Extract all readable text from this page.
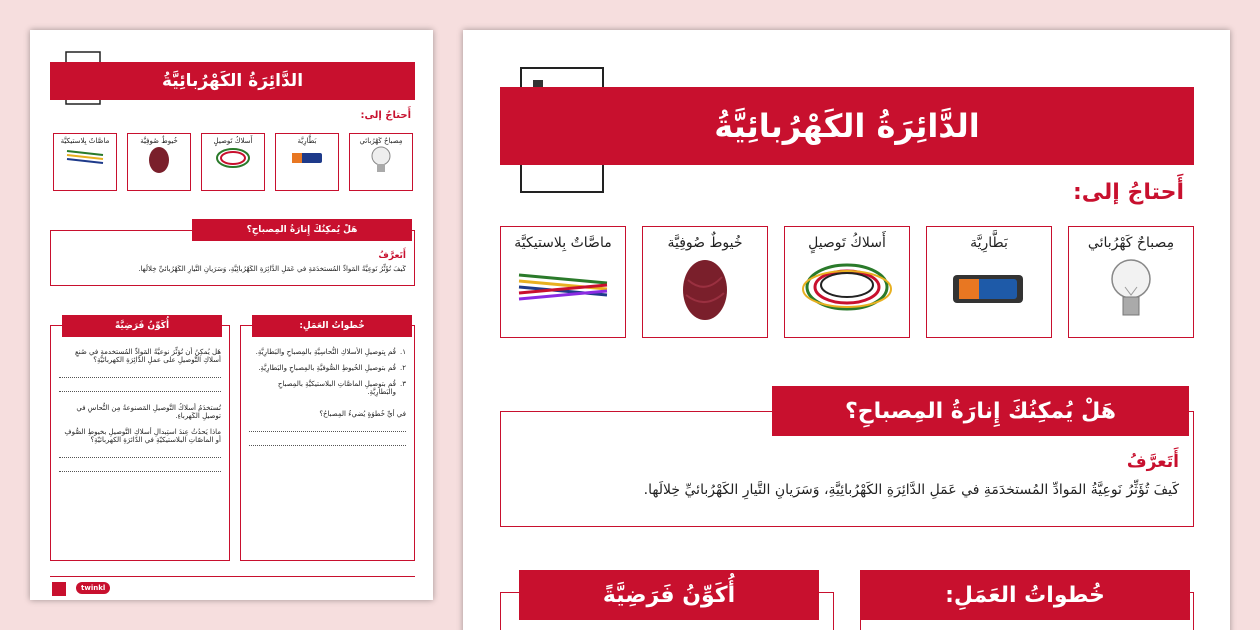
الدَّائِرَةُ الكَهْرُبائِيَّةُ
أَحتاجُ إلى:
مِصباحٌ كَهْرُبائي
بَطَّارِيَّة
أَسلاكُ تَوصيلٍ
خُيوطٌ صُوفِيَّة
ماصَّاتٌ بِلاستيكيَّة
أَتَعرَّفُ
كَيفَ تُؤَثِّرُ نَوعِيَّةُ المَوادِّ المُستخدَمَةِ في عَمَلِ الدَّائِرَةِ الكَهْرُبائِيَّةِ، وَسَرَيانِ التَّيارِ الكَهْرُبائيِّ خِلالَها.
هَلْ يُمكِنُكَ إِنارَةُ المِصباحِ؟
١.
قُم بِتوصيلِ الأسلاكِ النُّحاسِيَّةِ بالمِصباحِ والبَطارِيَّةِ.
٢.
قُم بتوصيلِ الخُيوطِ الصُّوفيَّةِ بالمِصباحِ والبَطارِيَّةِ.
٣.
قُم بتوصيلِ الماصَّاتِ البلاستيكيَّةِ بالمِصباحِ والبَطارِيَّةِ.
في أيِّ خُطوَةٍ يُضيءُ المِصباحُ؟
خُطواتُ العَمَلِ:
هَل يُمكِنُ أن تُؤثِّرَ نوعيَّةُ المَوادِّ المُستخدمةِ في صُنعِ أسلاكِ التَّوصيلِ على عملِ الدَّائِرَةِ الكهربائيَّةِ؟
تُستخدَمُ أسلاكُ التَّوصيلِ المَصنوعةُ مِن النُّحاسِ في توصيلِ الكَهرباءِ.
ماذا يَحدُثُ عِندَ استِبدالِ أسلاكِ التَّوصيلِ بخيوطِ الصُّوفِ أو الماصّاتِ البلاستيكيّةِ في الدّائرَةِ الكهربائيّةِ؟
أُكَوِّنُ فَرَضِيَّةً
twinkl
الدَّائِرَةُ الكَهْرُبائِيَّةُ
أَحتاجُ إلى:
مِصباحٌ كَهْرُبائي
بَطَّارِيَّة
أَسلاكُ تَوصيلٍ
خُيوطٌ صُوفِيَّة
ماصَّاتٌ بِلاستيكيَّة
أَتَعرَّفُ
كَيفَ تُؤَثِّرُ نَوعِيَّةُ المَوادِّ المُستخدَمَةِ في عَمَلِ الدَّائِرَةِ الكَهْرُبائِيَّةِ، وَسَرَيانِ التَّيارِ الكَهْرُبائيِّ خِلالَها.
هَلْ يُمكِنُكَ إِنارَةُ المِصباحِ؟
خُطواتُ العَمَلِ:
أُكَوِّنُ فَرَضِيَّةً
